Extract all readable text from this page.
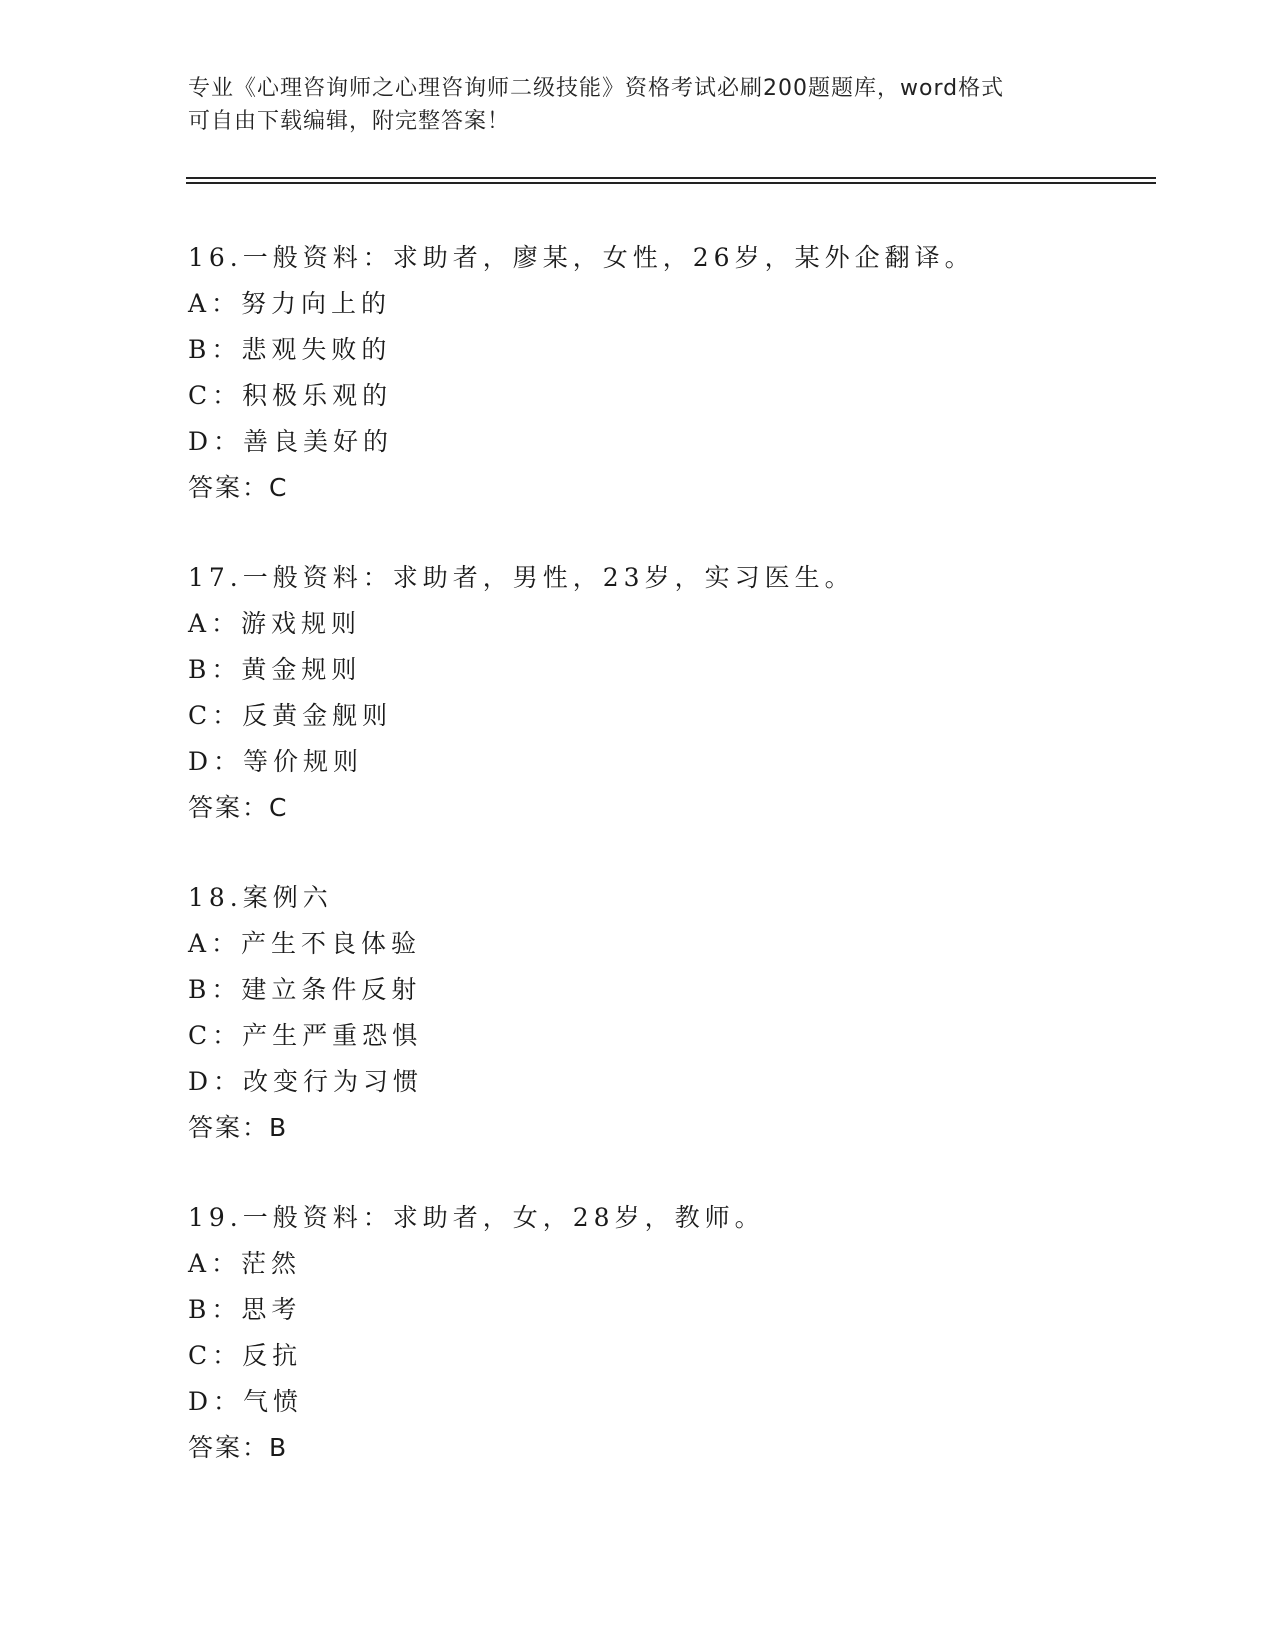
专业《心理咨询师之心理咨询师二级技能》资格考试必刷200题题库，word格式
可自由下载编辑，附完整答案！
16.一般资料：求助者，廖某，女性，26岁，某外企翻译。
A：努力向上的
B：悲观失败的
C：积极乐观的
D：善良美好的
答案：C
17.一般资料：求助者，男性，23岁，实习医生。
A：游戏规则
B：黄金规则
C：反黄金舰则
D：等价规则
答案：C
18.案例六
A：产生不良体验
B：建立条件反射
C：产生严重恐惧
D：改变行为习惯
答案：B
19.一般资料：求助者，女，28岁，教师。
A：茫然
B：思考
C：反抗
D：气愤
答案：B
